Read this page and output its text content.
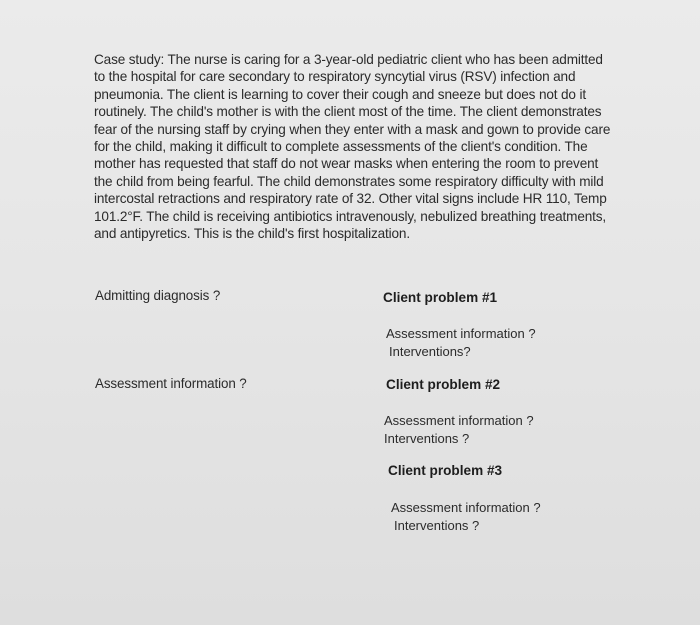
Case study: The nurse is caring for a 3-year-old pediatric client who has been admitted
to the hospital for care secondary to respiratory syncytial virus (RSV) infection and
pneumonia. The client is learning to cover their cough and sneeze but does not do it
routinely. The child's mother is with the client most of the time. The client demonstrates
fear of the nursing staff by crying when they enter with a mask and gown to provide care
for the child, making it difficult to complete assessments of the client's condition. The
mother has requested that staff do not wear masks when entering the room to prevent
the child from being fearful. The child demonstrates some respiratory difficulty with mild
intercostal retractions and respiratory rate of 32. Other vital signs include HR 110, Temp
101.2°F. The child is receiving antibiotics intravenously, nebulized breathing treatments,
and antipyretics. This is the child's first hospitalization.
Admitting diagnosis ?
Assessment information ?
Client problem #1
Assessment information ?
Interventions?
Client problem #2
Assessment information ?
Interventions ?
Client problem #3
Assessment information ?
Interventions ?
